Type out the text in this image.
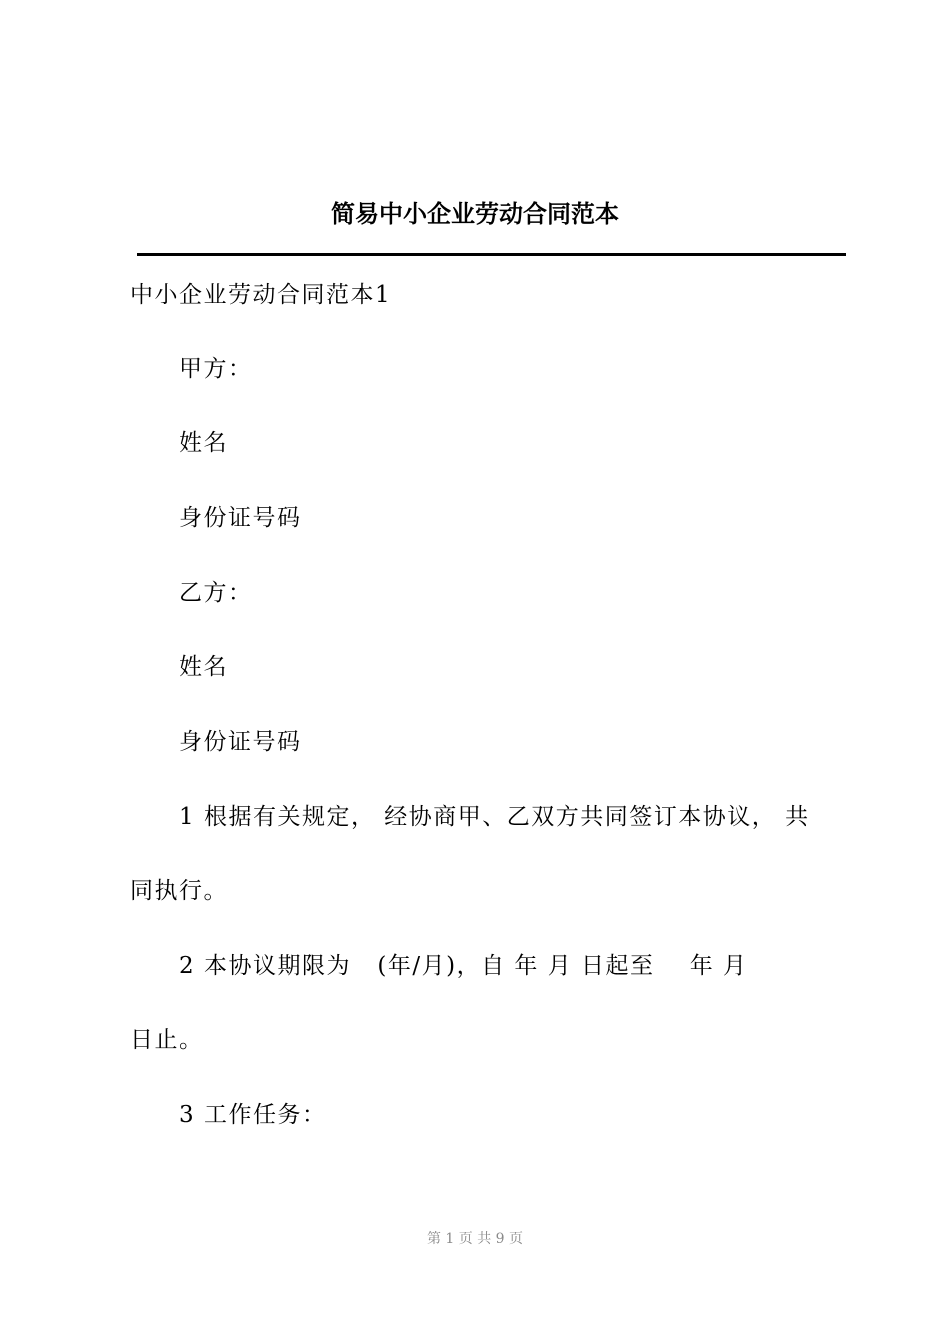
简易中小企业劳动合同范本
中小企业劳动合同范本1
甲方：
姓名
身份证号码
乙方：
姓名
身份证号码
1 根据有关规定， 经协商甲、乙双方共同签订本协议， 共
同执行。
2 本协议期限为   (年/月)，自 年 月 日起至    年 月
日止。
3 工作任务：
第 1 页 共 9 页
